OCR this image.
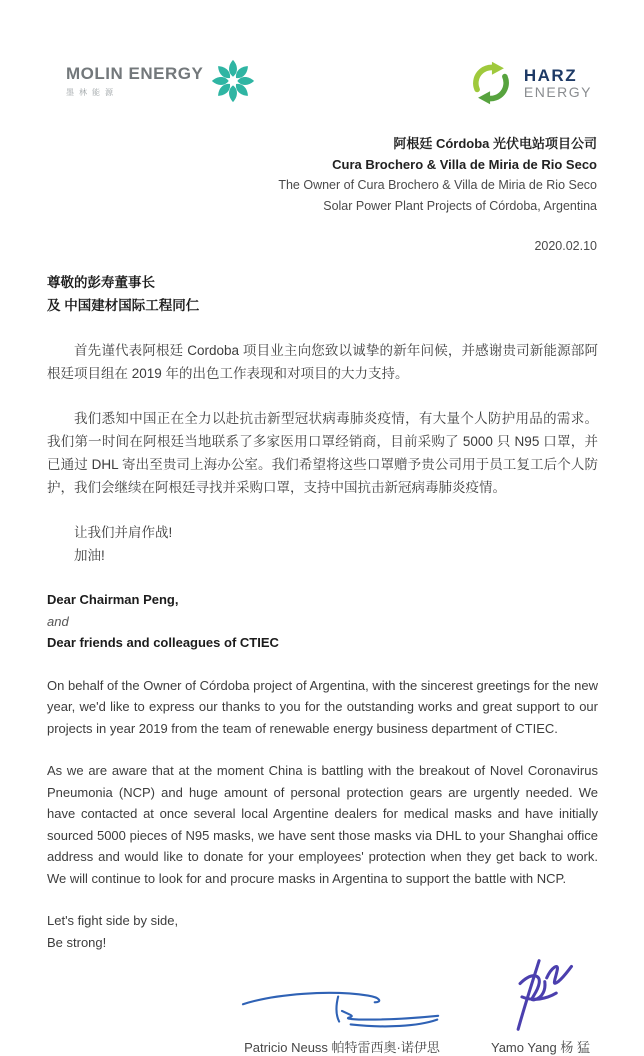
MOLIN ENERGY
墨林能源
HARZ
ENERGY
阿根廷 Córdoba 光伏电站项目公司
Cura Brochero & Villa de Miria de Rio Seco
The Owner of Cura Brochero & Villa de Miria de Rio Seco
Solar Power Plant Projects of Córdoba, Argentina
2020.02.10
尊敬的彭寿董事长
及 中国建材国际工程同仁

首先谨代表阿根廷 Cordoba 项目业主向您致以诚挚的新年问候，并感谢贵司新能源部阿根廷项目组在 2019 年的出色工作表现和对项目的大力支持。

我们悉知中国正在全力以赴抗击新型冠状病毒肺炎疫情，有大量个人防护用品的需求。我们第一时间在阿根廷当地联系了多家医用口罩经销商，目前采购了 5000 只 N95 口罩，并已通过 DHL 寄出至贵司上海办公室。我们希望将这些口罩赠予贵公司用于员工复工后个人防护，我们会继续在阿根廷寻找并采购口罩，支持中国抗击新冠病毒肺炎疫情。

让我们并肩作战!
加油!
Dear Chairman Peng,
and
Dear friends and colleagues of CTIEC

On behalf of the Owner of Córdoba project of Argentina, with the sincerest greetings for the new year, we'd like to express our thanks to you for the outstanding works and great support to our projects in year 2019 from the team of renewable energy business department of CTIEC.

As we are aware that at the moment China is battling with the breakout of Novel Coronavirus Pneumonia (NCP) and huge amount of personal protection gears are urgently needed. We have contacted at once several local Argentine dealers for medical masks and have initially sourced 5000 pieces of N95 masks, we have sent those masks via DHL to your Shanghai office address and would like to donate for your employees' protection when they get back to work. We will continue to look for and procure masks in Argentina to support the battle with NCP.

Let's fight side by side,
Be strong!
Patricio Neuss 帕特雷西奥·诺伊思	Yamo Yang 杨 猛
